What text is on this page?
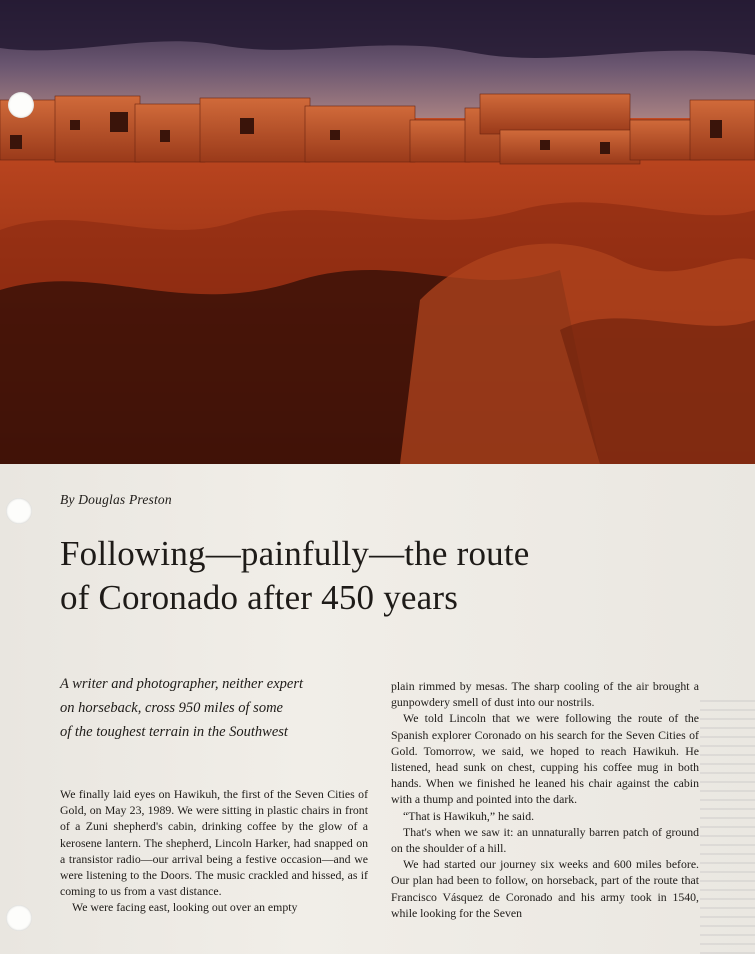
By Douglas Preston
Following—painfully—the route
of Coronado after 450 years
A writer and photographer, neither expert
on horseback, cross 950 miles of some
of the toughest terrain in the Southwest

We finally laid eyes on Hawikuh, the first of the Seven Cities of Gold, on May 23, 1989. We were sitting in plastic chairs in front of a Zuni shepherd's cabin, drinking coffee by the glow of a kerosene lantern. The shepherd, Lincoln Harker, had snapped on a transistor radio—our arrival being a festive occasion—and we were listening to the Doors. The music crackled and hissed, as if coming to us from a vast distance.

We were facing east, looking out over an empty

plain rimmed by mesas. The sharp cooling of the air brought a gunpowdery smell of dust into our nostrils.

We told Lincoln that we were following the route of the Spanish explorer Coronado on his search for the Seven Cities of Gold. Tomorrow, we said, we hoped to reach Hawikuh. He listened, head sunk on chest, cupping his coffee mug in both hands. When we finished he leaned his chair against the cabin with a thump and pointed into the dark.

“That is Hawikuh,” he said.

That's when we saw it: an unnaturally barren patch of ground on the shoulder of a hill.

We had started our journey six weeks and 600 miles before. Our plan had been to follow, on horseback, part of the route that Francisco Vásquez de Coronado and his army took in 1540, while looking for the Seven
